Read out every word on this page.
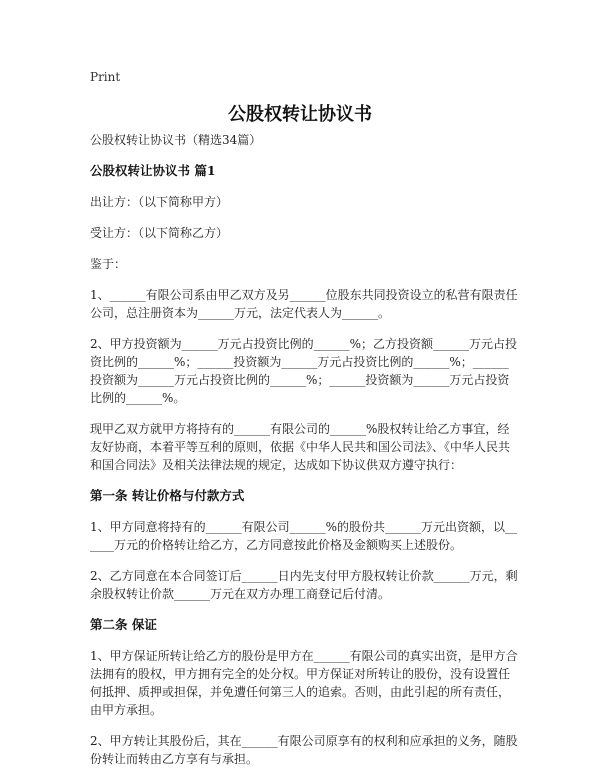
Print
公股权转让协议书

公股权转让协议书（精选34篇）

公股权转让协议书 篇1

出让方：（以下简称甲方）

受让方：（以下简称乙方）

鉴于：

1、______有限公司系由甲乙双方及另______位股东共同投资设立的私营有限责任公司，总注册资本为______万元，法定代表人为______。

2、甲方投资额为______万元占投资比例的______%；乙方投资额______万元占投资比例的______%；______投资额为______万元占投资比例的______%；______投资额为______万元占投资比例的______%；______投资额为______万元占投资比例的______%。

现甲乙双方就甲方将持有的______有限公司的______%股权转让给乙方事宜，经友好协商，本着平等互利的原则，依据《中华人民共和国公司法》、《中华人民共和国合同法》及相关法律法规的规定，达成如下协议供双方遵守执行：

第一条 转让价格与付款方式

1、甲方同意将持有的______有限公司______%的股份共______万元出资额，以______万元的价格转让给乙方，乙方同意按此价格及金额购买上述股份。

2、乙方同意在本合同签订后______日内先支付甲方股权转让价款______万元，剩余股权转让价款______万元在双方办理工商登记后付清。

第二条 保证

1、甲方保证所转让给乙方的股份是甲方在______有限公司的真实出资，是甲方合法拥有的股权，甲方拥有完全的处分权。甲方保证对所转让的股份，没有设置任何抵押、质押或担保，并免遭任何第三人的追索。否则，由此引起的所有责任，由甲方承担。

2、甲方转让其股份后，其在______有限公司原享有的权利和应承担的义务，随股份转让而转由乙方享有与承担。
